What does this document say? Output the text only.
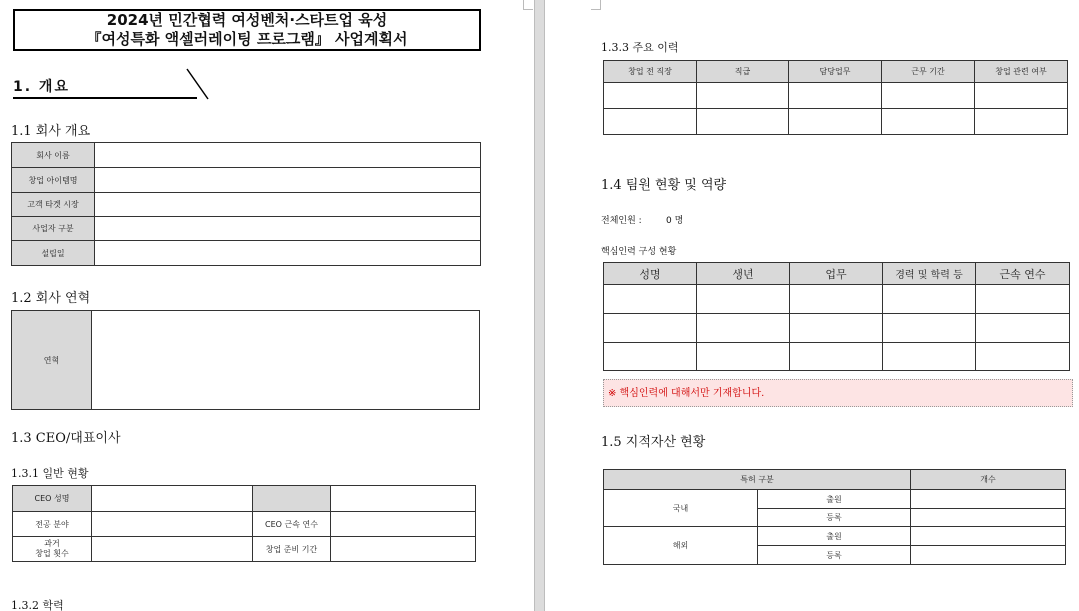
2024년 민간협력 여성벤처·스타트업 육성
『여성특화 액셀러레이팅 프로그램』 사업계획서
1. 개요
1.1 회사 개요
회사 이름	
창업 아이템명	
고객 타겟 시장	
사업자 구분	
설립일	
1.2 회사 연혁
연혁	
1.3 CEO/대표이사
1.3.1 일반 현황
CEO 성명			
전공 분야		CEO 근속 연수	

과거
창업 횟수		창업 준비 기간	
1.3.2 학력
1.3.3 주요 이력
창업 전 직장	직급	담당업무	근무 기간	창업 관련 여부

1.4 팀원 현황 및 역량
전체인원 :	0 명
핵심인력 구성 현황
성명	생년	업무	경력 및 학력 등	근속 연수

1.5 지적자산 현황
특허 구분		개수
국내	출원	
	등록	
해외	출원	
	등록	
※ 핵심인력에 대해서만 기재합니다.
